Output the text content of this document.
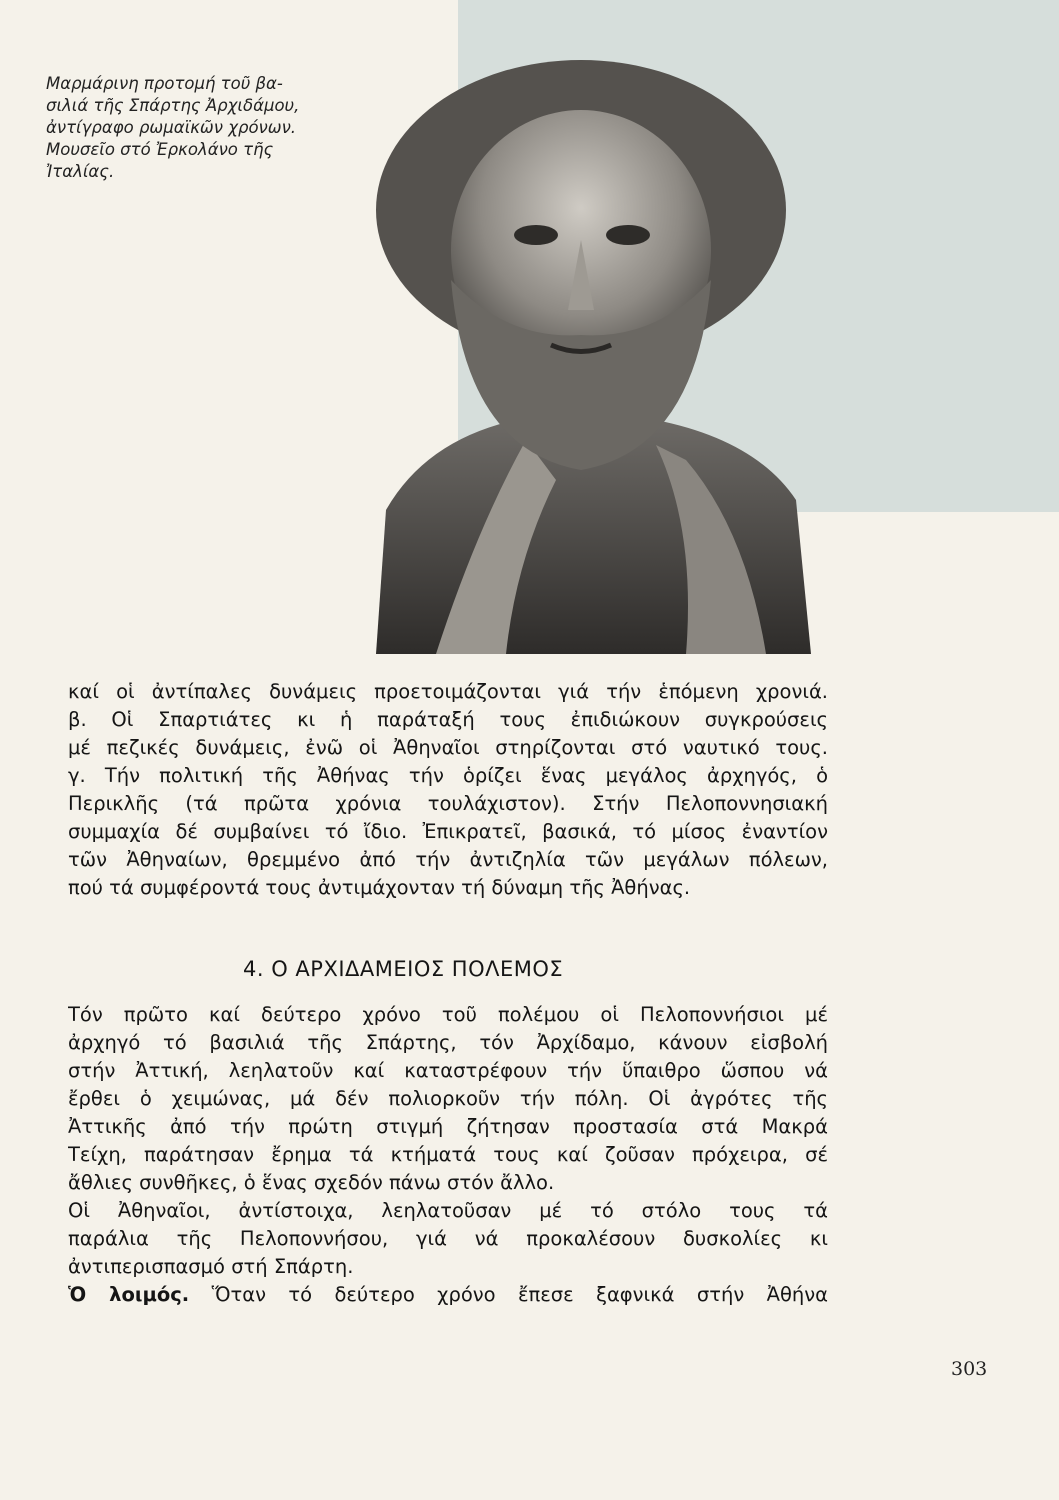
Μαρμάρινη προτομή τοῦ βα-
σιλιά τῆς Σπάρτης Ἀρχιδάμου,
ἀντίγραφο ρωμαϊκῶν χρόνων.
Μουσεῖο στό Ἐρκολάνο τῆς
Ἰταλίας.
καί οἱ ἀντίπαλες δυνάμεις προετοιμάζονται γιά τήν ἑπόμενη χρονιά.
β. Οἱ Σπαρτιάτες κι ἡ παράταξή τους ἐπιδιώκουν συγκρούσεις
μέ πεζικές δυνάμεις, ἐνῶ οἱ Ἀθηναῖοι στηρίζονται στό ναυτικό τους.
γ. Τήν πολιτική τῆς Ἀθήνας τήν ὁρίζει ἕνας μεγάλος ἀρχηγός, ὁ
Περικλῆς (τά πρῶτα χρόνια τουλάχιστον). Στήν Πελοποννησιακή
συμμαχία δέ συμβαίνει τό ἴδιο. Ἐπικρατεῖ, βασικά, τό μίσος ἐναντίον
τῶν Ἀθηναίων, θρεμμένο ἀπό τήν ἀντιζηλία τῶν μεγάλων πόλεων,
πού τά συμφέροντά τους ἀντιμάχονταν τή δύναμη τῆς Ἀθήνας.
4. Ο ΑΡΧΙΔΑΜΕΙΟΣ ΠΟΛΕΜΟΣ
Τόν πρῶτο καί δεύτερο χρόνο τοῦ πολέμου οἱ Πελοποννήσιοι μέ
ἀρχηγό τό βασιλιά τῆς Σπάρτης, τόν Ἀρχίδαμο, κάνουν εἰσβολή
στήν Ἀττική, λεηλατοῦν καί καταστρέφουν τήν ὕπαιθρο ὥσπου νά
ἔρθει ὁ χειμώνας, μά δέν πολιορκοῦν τήν πόλη. Οἱ ἀγρότες τῆς
Ἀττικῆς ἀπό τήν πρώτη στιγμή ζήτησαν προστασία στά Μακρά
Τείχη, παράτησαν ἔρημα τά κτήματά τους καί ζοῦσαν πρόχειρα, σέ
ἄθλιες συνθῆκες, ὁ ἕνας σχεδόν πάνω στόν ἄλλο.
Οἱ Ἀθηναῖοι, ἀντίστοιχα, λεηλατοῦσαν μέ τό στόλο τους τά
παράλια τῆς Πελοποννήσου, γιά νά προκαλέσουν δυσκολίες κι
ἀντιπερισπασμό στή Σπάρτη.
Ὁ λοιμός. Ὅταν τό δεύτερο χρόνο ἔπεσε ξαφνικά στήν Ἀθήνα
303
